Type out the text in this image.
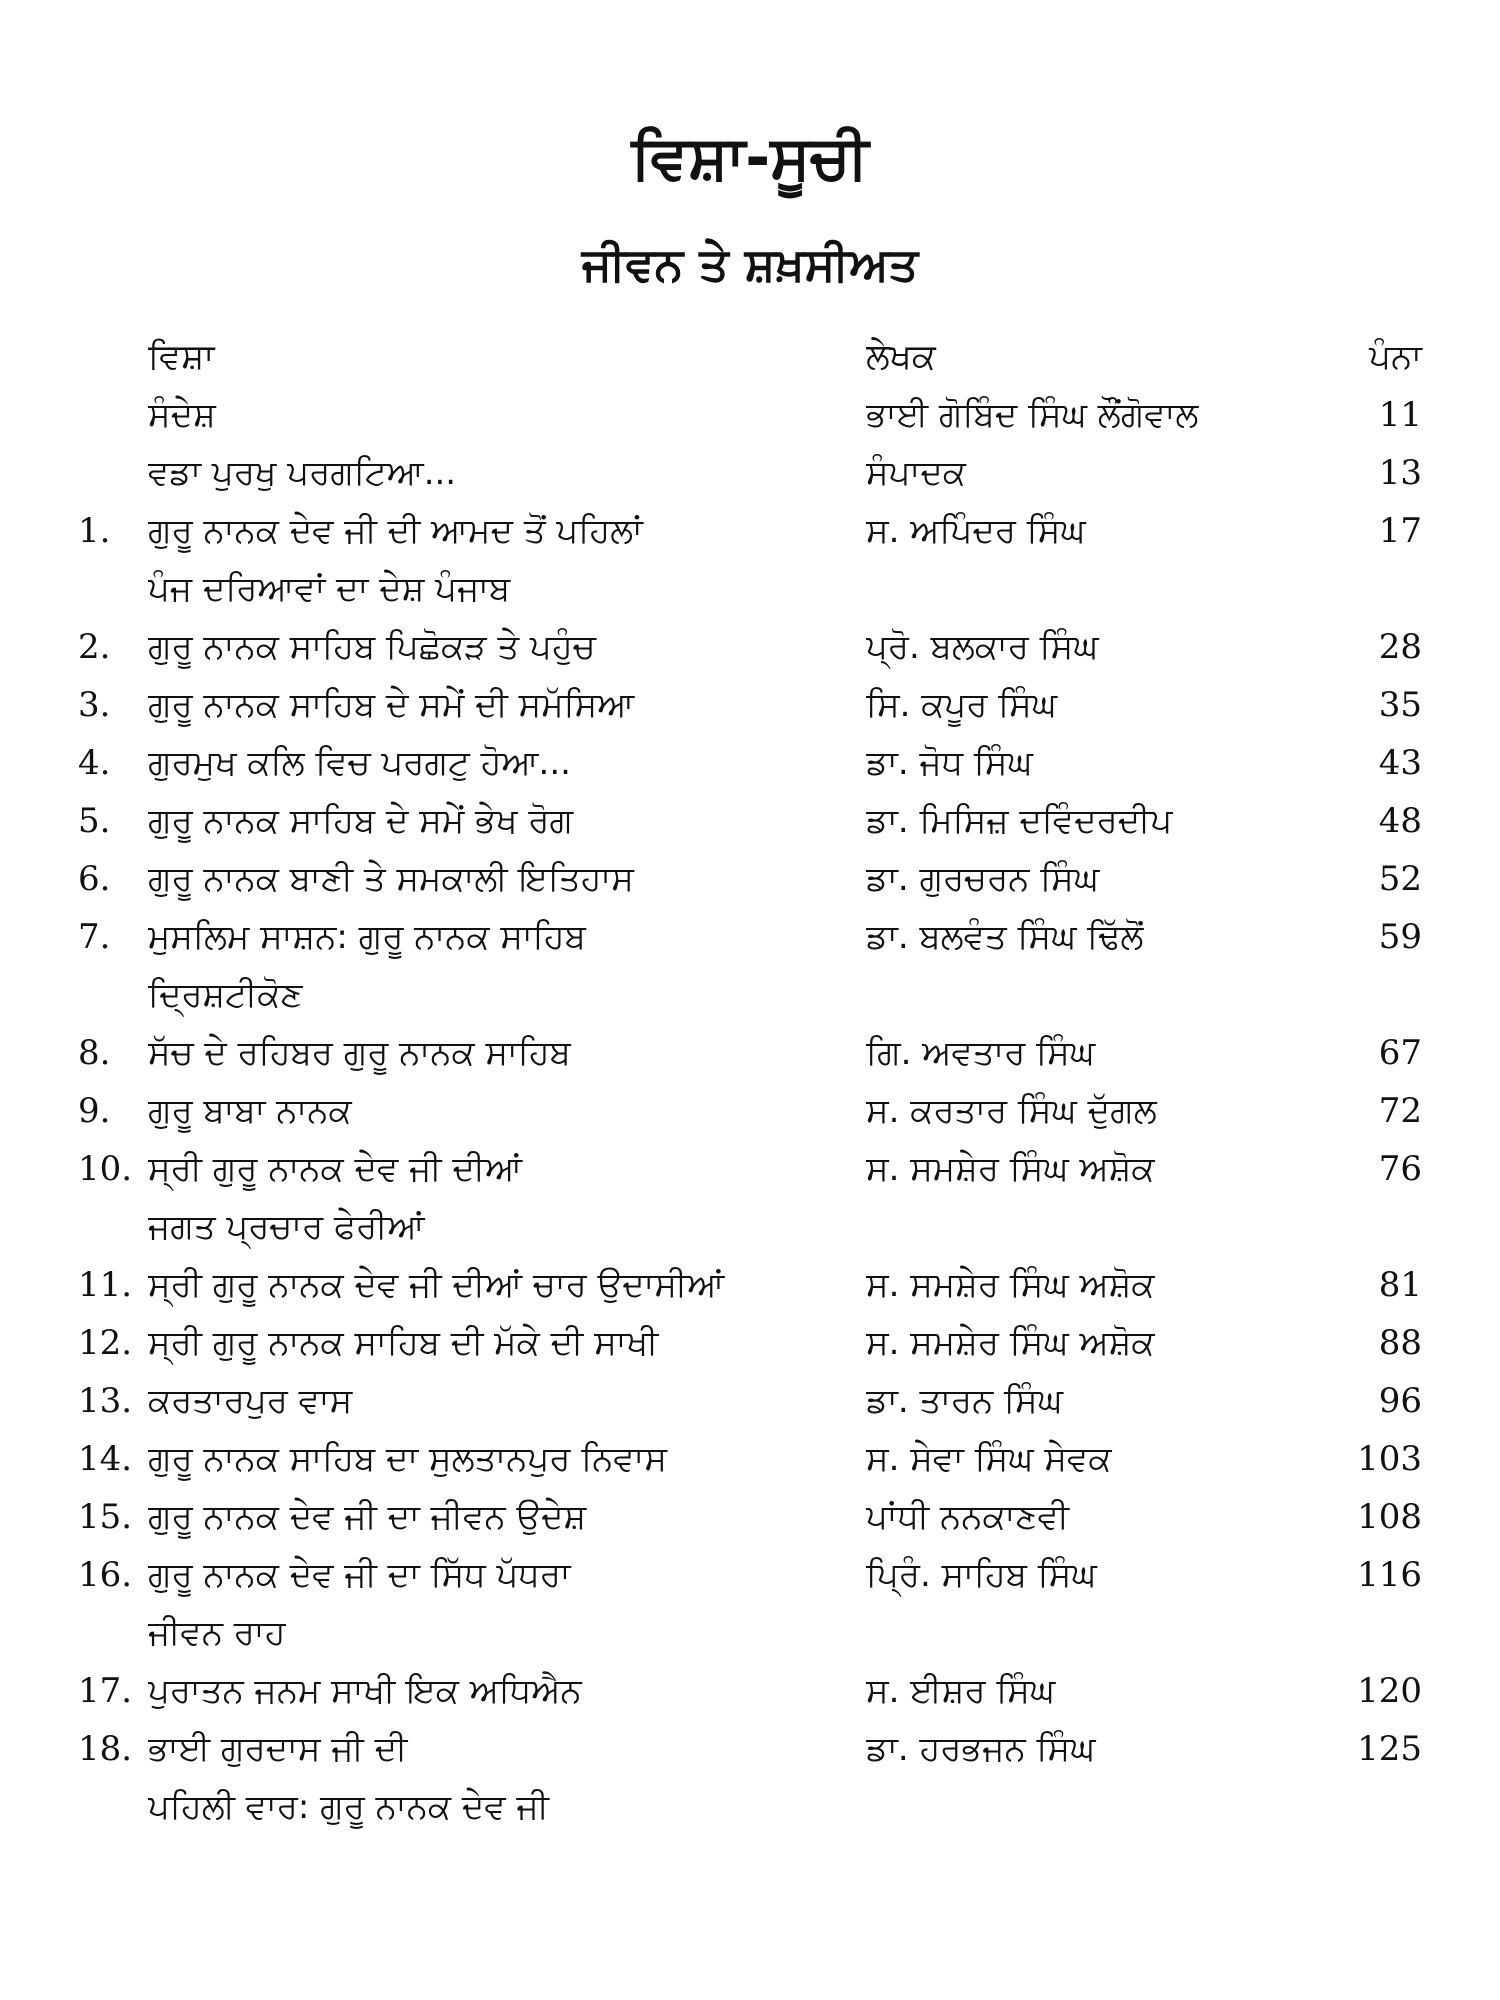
ਵਿਸ਼ਾ-ਸੂਚੀ
ਜੀਵਨ ਤੇ ਸ਼ਖ਼ਸੀਅਤ
ਵਿਸ਼ਾ	ਲੇਖਕ	ਪੰਨਾ
ਸੰਦੇਸ਼	ਭਾਈ ਗੋਬਿੰਦ ਸਿੰਘ ਲੌਂਗੋਵਾਲ	11
ਵਡਾ ਪੁਰਖੁ ਪਰਗਟਿਆ...	ਸੰਪਾਦਕ	13
1.	ਗੁਰੂ ਨਾਨਕ ਦੇਵ ਜੀ ਦੀ ਆਮਦ ਤੋਂ ਪਹਿਲਾਂ	ਸ. ਅਪਿੰਦਰ ਸਿੰਘ	17
ਪੰਜ ਦਰਿਆਵਾਂ ਦਾ ਦੇਸ਼ ਪੰਜਾਬ
2.	ਗੁਰੂ ਨਾਨਕ ਸਾਹਿਬ ਪਿਛੋਕੜ ਤੇ ਪਹੁੰਚ	ਪ੍ਰੋ. ਬਲਕਾਰ ਸਿੰਘ	28
3.	ਗੁਰੂ ਨਾਨਕ ਸਾਹਿਬ ਦੇ ਸਮੇਂ ਦੀ ਸਮੱਸਿਆ	ਸਿ. ਕਪੂਰ ਸਿੰਘ	35
4.	ਗੁਰਮੁਖ ਕਲਿ ਵਿਚ ਪਰਗਟੁ ਹੋਆ...	ਡਾ. ਜੋਧ ਸਿੰਘ	43
5.	ਗੁਰੂ ਨਾਨਕ ਸਾਹਿਬ ਦੇ ਸਮੇਂ ਭੇਖ ਰੋਗ	ਡਾ. ਮਿਸਿਜ਼ ਦਵਿੰਦਰਦੀਪ	48
6.	ਗੁਰੂ ਨਾਨਕ ਬਾਣੀ ਤੇ ਸਮਕਾਲੀ ਇਤਿਹਾਸ	ਡਾ. ਗੁਰਚਰਨ ਸਿੰਘ	52
7.	ਮੁਸਲਿਮ ਸਾਸ਼ਨ: ਗੁਰੂ ਨਾਨਕ ਸਾਹਿਬ	ਡਾ. ਬਲਵੰਤ ਸਿੰਘ ਢਿੱਲੋਂ	59
ਦ੍ਰਿਸ਼ਟੀਕੋਣ
8.	ਸੱਚ ਦੇ ਰਹਿਬਰ ਗੁਰੂ ਨਾਨਕ ਸਾਹਿਬ	ਗਿ. ਅਵਤਾਰ ਸਿੰਘ	67
9.	ਗੁਰੂ ਬਾਬਾ ਨਾਨਕ	ਸ. ਕਰਤਾਰ ਸਿੰਘ ਦੁੱਗਲ	72
10. ਸ੍ਰੀ ਗੁਰੂ ਨਾਨਕ ਦੇਵ ਜੀ ਦੀਆਂ	ਸ. ਸਮਸ਼ੇਰ ਸਿੰਘ ਅਸ਼ੋਕ	76
ਜਗਤ ਪ੍ਰਚਾਰ ਫੇਰੀਆਂ
11. ਸ੍ਰੀ ਗੁਰੂ ਨਾਨਕ ਦੇਵ ਜੀ ਦੀਆਂ ਚਾਰ ਉਦਾਸੀਆਂ	ਸ. ਸਮਸ਼ੇਰ ਸਿੰਘ ਅਸ਼ੋਕ	81
12. ਸ੍ਰੀ ਗੁਰੂ ਨਾਨਕ ਸਾਹਿਬ ਦੀ ਮੱਕੇ ਦੀ ਸਾਖੀ	ਸ. ਸਮਸ਼ੇਰ ਸਿੰਘ ਅਸ਼ੋਕ	88
13. ਕਰਤਾਰਪੁਰ ਵਾਸ	ਡਾ. ਤਾਰਨ ਸਿੰਘ	96
14. ਗੁਰੂ ਨਾਨਕ ਸਾਹਿਬ ਦਾ ਸੁਲਤਾਨਪੁਰ ਨਿਵਾਸ	ਸ. ਸੇਵਾ ਸਿੰਘ ਸੇਵਕ	103
15. ਗੁਰੂ ਨਾਨਕ ਦੇਵ ਜੀ ਦਾ ਜੀਵਨ ਉਦੇਸ਼	ਪਾਂਧੀ ਨਨਕਾਣਵੀ	108
16. ਗੁਰੂ ਨਾਨਕ ਦੇਵ ਜੀ ਦਾ ਸਿੱਧ ਪੱਧਰਾ	ਪ੍ਰਿੰ. ਸਾਹਿਬ ਸਿੰਘ	116
ਜੀਵਨ ਰਾਹ
17. ਪੁਰਾਤਨ ਜਨਮ ਸਾਖੀ ਇਕ ਅਧਿਐਨ	ਸ. ਈਸ਼ਰ ਸਿੰਘ	120
18. ਭਾਈ ਗੁਰਦਾਸ ਜੀ ਦੀ	ਡਾ. ਹਰਭਜਨ ਸਿੰਘ	125
ਪਹਿਲੀ ਵਾਰ: ਗੁਰੂ ਨਾਨਕ ਦੇਵ ਜੀ
